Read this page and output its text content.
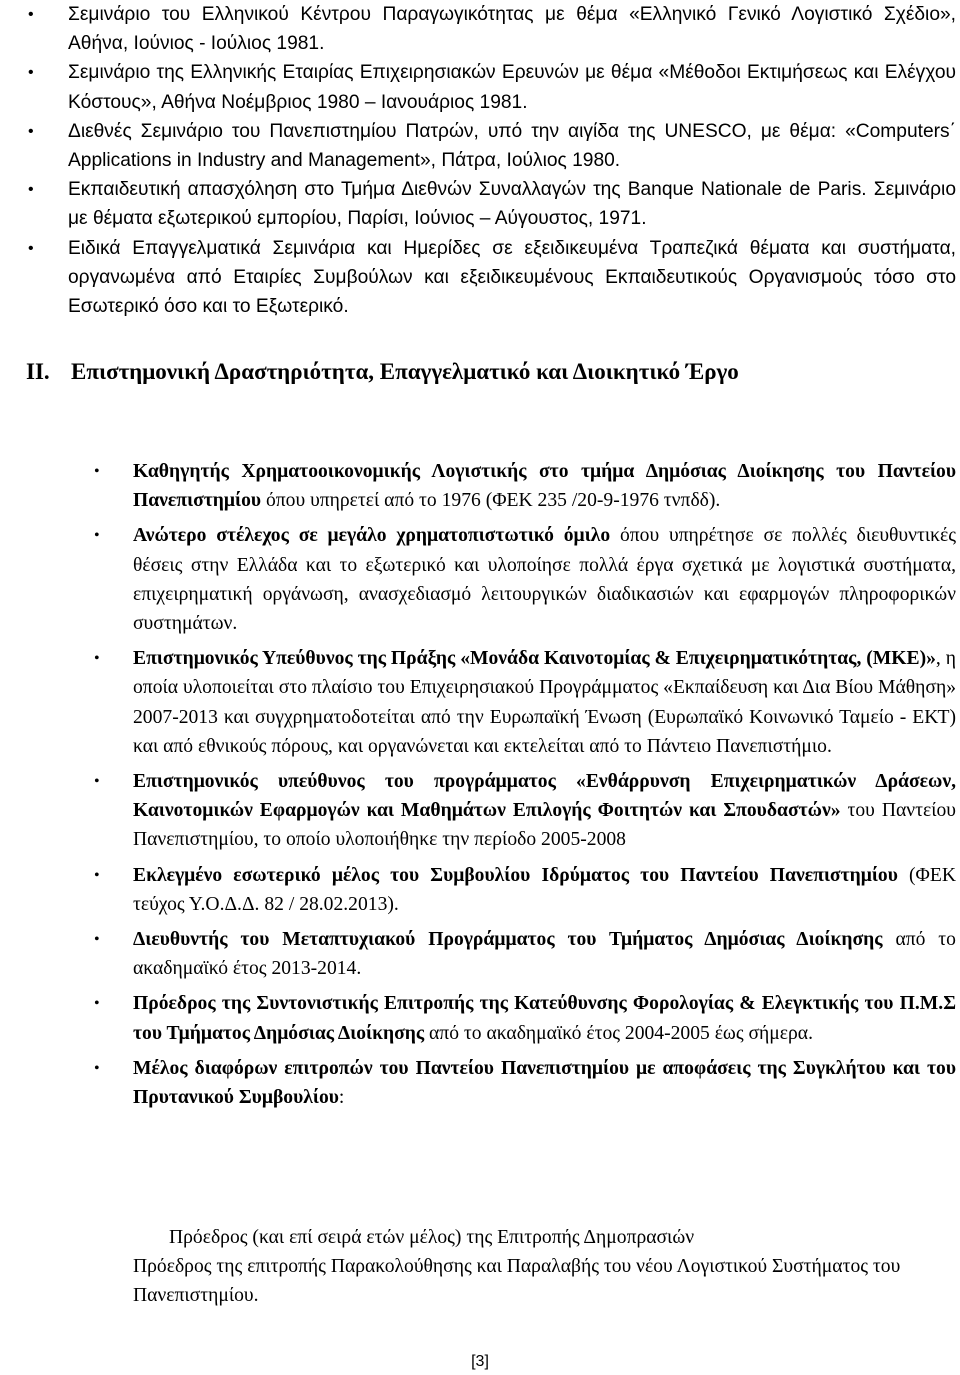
• Σεμινάριο του Ελληνικού Κέντρου Παραγωγικότητας με θέμα «Ελληνικό Γενικό Λογιστικό Σχέδιο», Αθήνα, Ιούνιος - Ιούλιος 1981.
• Σεμινάριο της Ελληνικής Εταιρίας Επιχειρησιακών Ερευνών με θέμα «Μέθοδοι Εκτιμήσεως και Ελέγχου Κόστους», Αθήνα Νοέμβριος 1980 – Ιανουάριος 1981.
• Διεθνές Σεμινάριο του Πανεπιστημίου Πατρών, υπό την αιγίδα της UNESCO, με θέμα: «Computers΄ Applications in Industry and Management», Πάτρα, Ιούλιος 1980.
• Εκπαιδευτική απασχόληση στο Τμήμα Διεθνών Συναλλαγών της Banque Nationale de Paris. Σεμινάριο με θέματα εξωτερικού εμπορίου, Παρίσι, Ιούνιος – Αύγουστος, 1971.
• Ειδικά Επαγγελματικά Σεμινάρια και Ημερίδες σε εξειδικευμένα Τραπεζικά θέματα και συστήματα, οργανωμένα από Εταιρίες Συμβούλων και εξειδικευμένους Εκπαιδευτικούς Οργανισμούς τόσο στο Εσωτερικό όσο και το Εξωτερικό.
II. Επιστημονική Δραστηριότητα, Επαγγελματικό και Διοικητικό Έργο
• Καθηγητής Χρηματοοικονομικής Λογιστικής στο τμήμα Δημόσιας Διοίκησης του Παντείου Πανεπιστημίου όπου υπηρετεί από το 1976 (ΦΕΚ 235 /20-9-1976 τνπδδ).
• Ανώτερο στέλεχος σε μεγάλο χρηματοπιστωτικό όμιλο όπου υπηρέτησε σε πολλές διευθυντικές θέσεις στην Ελλάδα και το εξωτερικό και υλοποίησε πολλά έργα σχετικά με λογιστικά συστήματα, επιχειρηματική οργάνωση, ανασχεδιασμό λειτουργικών διαδικασιών και εφαρμογών πληροφορικών συστημάτων.
• Επιστημονικός Υπεύθυνος της Πράξης «Μονάδα Καινοτομίας & Επιχειρηματικότητας, (ΜΚΕ)», η οποία υλοποιείται στο πλαίσιο του Επιχειρησιακού Προγράμματος «Εκπαίδευση και Δια Βίου Μάθηση» 2007-2013 και συγχρηματοδοτείται από την Ευρωπαϊκή Ένωση (Ευρωπαϊκό Κοινωνικό Ταμείο - ΕΚΤ) και από εθνικούς πόρους, και οργανώνεται και εκτελείται από το Πάντειο Πανεπιστήμιο.
• Επιστημονικός υπεύθυνος του προγράμματος «Ενθάρρυνση Επιχειρηματικών Δράσεων, Καινοτομικών Εφαρμογών και Μαθημάτων Επιλογής Φοιτητών και Σπουδαστών» του Παντείου Πανεπιστημίου, το οποίο υλοποιήθηκε την περίοδο 2005-2008
• Εκλεγμένο εσωτερικό μέλος του Συμβουλίου Ιδρύματος του Παντείου Πανεπιστημίου (ΦΕΚ τεύχος Υ.Ο.Δ.Δ. 82 / 28.02.2013).
• Διευθυντής του Μεταπτυχιακού Προγράμματος του Τμήματος Δημόσιας Διοίκησης από το ακαδημαϊκό έτος 2013-2014.
• Πρόεδρος της Συντονιστικής Επιτροπής της Κατεύθυνσης Φορολογίας & Ελεγκτικής του Π.Μ.Σ του Τμήματος Δημόσιας Διοίκησης από το ακαδημαϊκό έτος 2004-2005 έως σήμερα.
• Μέλος διαφόρων επιτροπών του Παντείου Πανεπιστημίου με αποφάσεις της Συγκλήτου και του Πρυτανικού Συμβουλίου:
Πρόεδρος (και επί σειρά ετών μέλος) της Επιτροπής Δημοπρασιών
Πρόεδρος της επιτροπής Παρακολούθησης και Παραλαβής του νέου Λογιστικού Συστήματος του Πανεπιστημίου.
[3]
